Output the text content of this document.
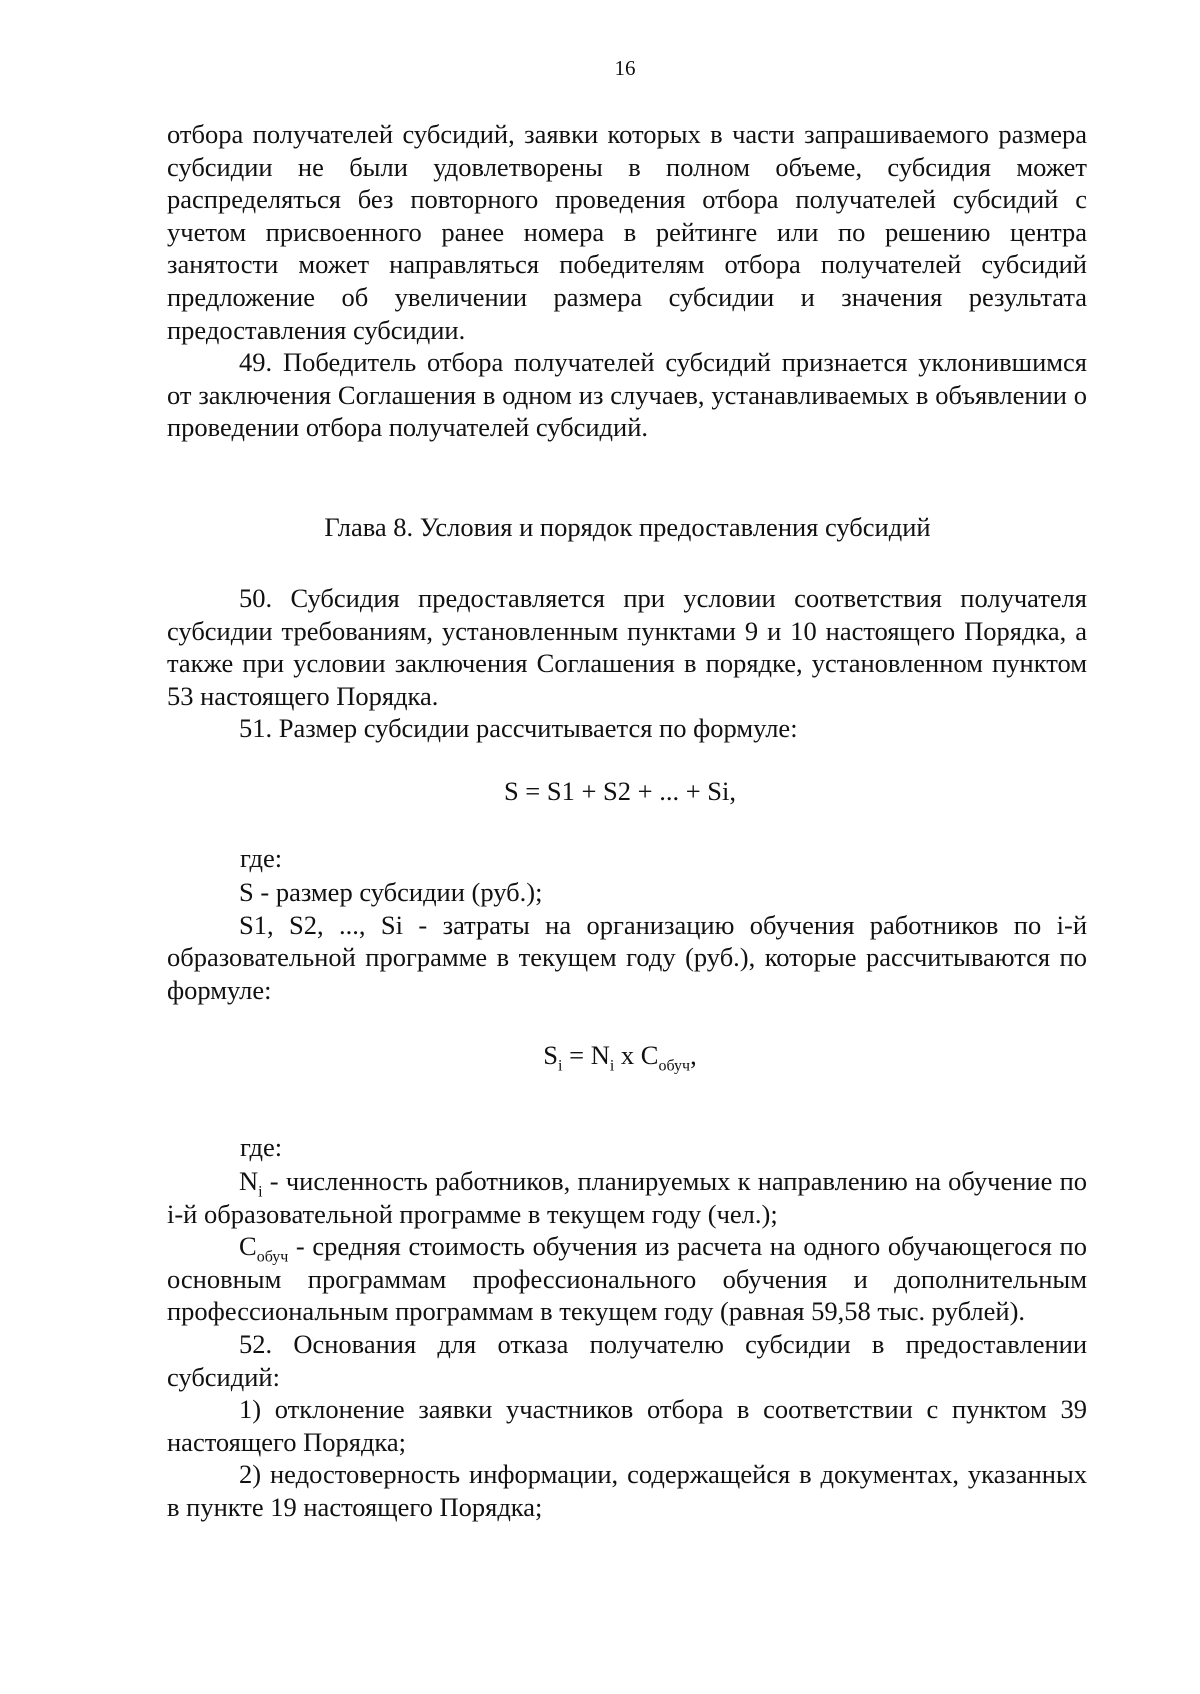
16

отбора получателей субсидий, заявки которых в части запрашиваемого размера субсидии не были удовлетворены в полном объеме, субсидия может распределяться без повторного проведения отбора получателей субсидий с учетом присвоенного ранее номера в рейтинге или по решению центра занятости может направляться победителям отбора получателей субсидий предложение об увеличении размера субсидии и значения результата предоставления субсидии.

49. Победитель отбора получателей субсидий признается уклонившимся от заключения Соглашения в одном из случаев, устанавливаемых в объявлении о проведении отбора получателей субсидий.

Глава 8. Условия и порядок предоставления субсидий

50. Субсидия предоставляется при условии соответствия получателя субсидии требованиям, установленным пунктами 9 и 10 настоящего Порядка, а также при условии заключения Соглашения в порядке, установленном пунктом 53 настоящего Порядка.

51. Размер субсидии рассчитывается по формуле:

S = S1 + S2 + ... + Si,
где:

S - размер субсидии (руб.);

S1, S2, ..., Si - затраты на организацию обучения работников по i-й образовательной программе в текущем году (руб.), которые рассчитываются по формуле:

$S_i = N_i$ x $C_{обуч}$,
где:

$N_i$ - численность работников, планируемых к направлению на обучение по i-й образовательной программе в текущем году (чел.);

$C_{обуч}$ - средняя стоимость обучения из расчета на одного обучающегося по основным программам профессионального обучения и дополнительным профессиональным программам в текущем году (равная 59,58 тыс. рублей).

52. Основания для отказа получателю субсидии в предоставлении субсидий:

1) отклонение заявки участников отбора в соответствии с пунктом 39 настоящего Порядка;

2) недостоверность информации, содержащейся в документах, указанных в пункте 19 настоящего Порядка;
